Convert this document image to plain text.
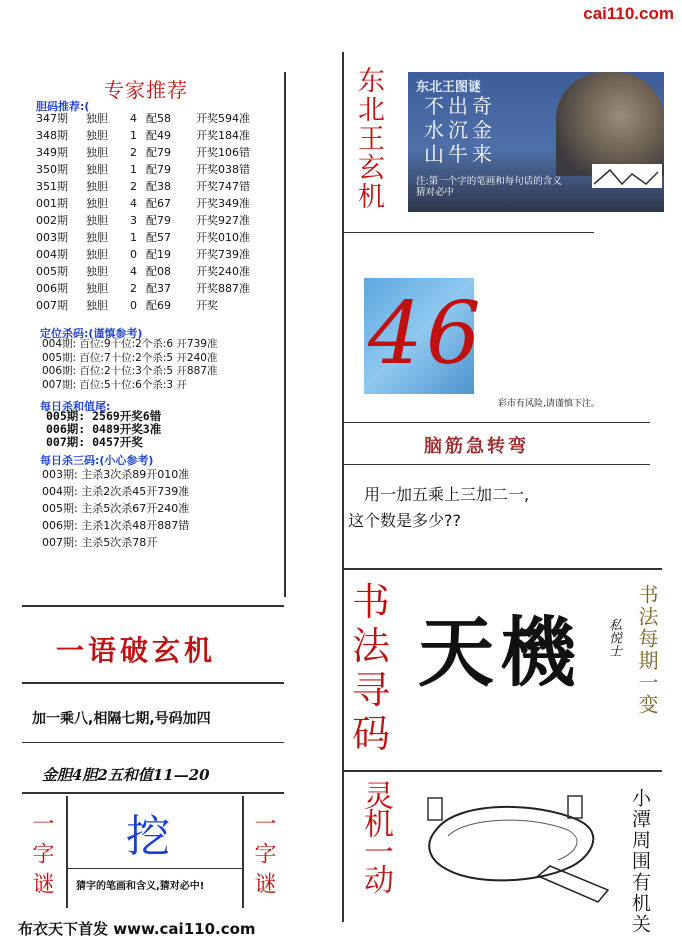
cai110.com
专家推荐
胆码推荐:(
347期 独胆 4 配58 开奖594准
348期 独胆 1 配49 开奖184准
349期 独胆 2 配79 开奖106错
350期 独胆 1 配79 开奖038错
351期 独胆 2 配38 开奖747错
001期 独胆 4 配67 开奖349准
002期 独胆 3 配79 开奖927准
003期 独胆 1 配57 开奖010准
004期 独胆 0 配19 开奖739准
005期 独胆 4 配08 开奖240准
006期 独胆 2 配37 开奖887准
007期 独胆 0 配69 开奖
定位杀码:(谨慎参考)
004期: 百位:9十位:2个杀:6 开739准
005期: 百位:7十位:2个杀:5 开240准
006期: 百位:2十位:3个杀:5 开887准
007期: 百位:5十位:6个杀:3 开
每日杀和值尾:
005期: 2569开奖6错
006期: 0489开奖3准
007期: 0457开奖
每日杀三码:(小心参考)
003期: 主杀3次杀89开010准
004期: 主杀2次杀45开739准
005期: 主杀5次杀67开240准
006期: 主杀1次杀48开887错
007期: 主杀5次杀78开
一语破玄机
加一乘八,相隔七期,号码加四
金胆4胆2五和值11—20
一字谜 挖
猜字的笔画和含义,猜对必中!	一字谜
布衣天下首发 www.cai110.com
东北王玄机 东北王图谜
不出奇
水沉金
山牛来
注:第一个字的笔画和每句话的含义猜对必中
4 6
彩市有风险,请谨慎下注。
脑筋急转弯
用一加五乘上三加二一,
这个数是多少??
书法寻码
天機 私悦士 书法每期一变
灵机一动	小潭周围有机关
